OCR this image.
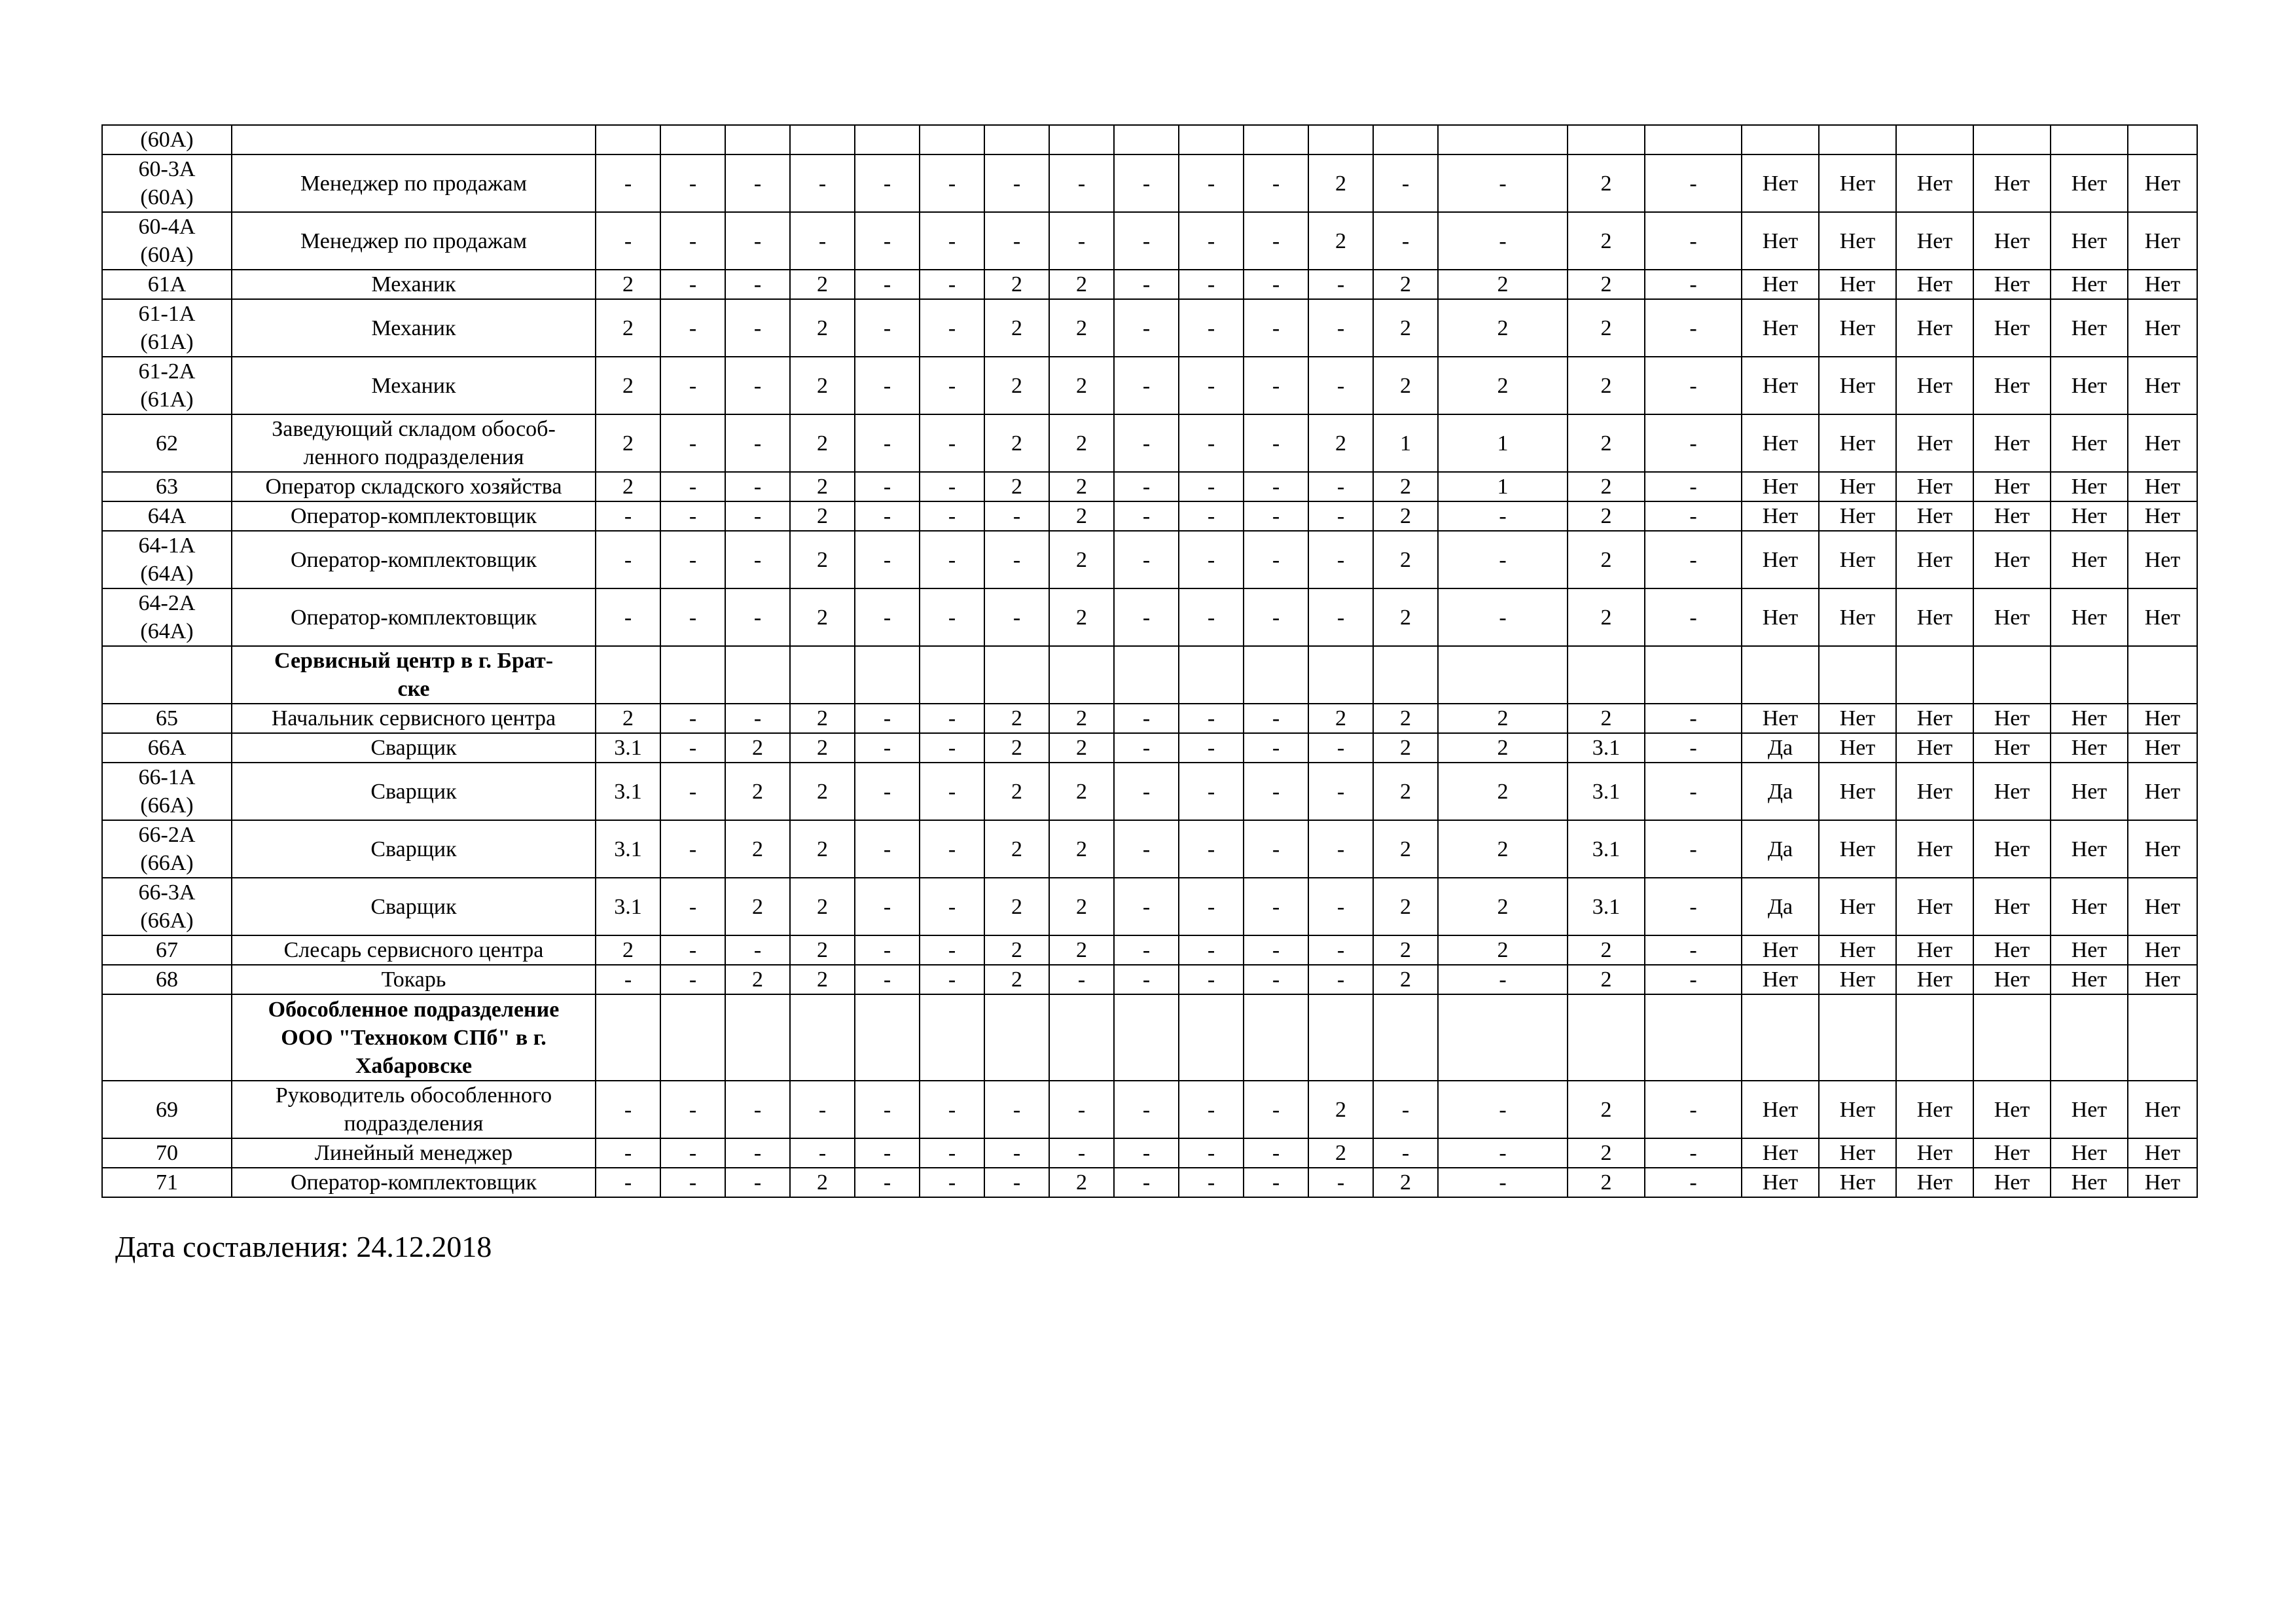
(60A)																								
60-3A
(60A)	Менеджер по продажам	-	-	-	-	-	-	-	-	-	-	-	2	-	-	2	-	Нет	Нет	Нет	Нет	Нет	Нет	
60-4A
(60A)	Менеджер по продажам	-	-	-	-	-	-	-	-	-	-	-	2	-	-	2	-	Нет	Нет	Нет	Нет	Нет	Нет	
61A	Механик	2	-	-	2	-	-	2	2	-	-	-	-	2	2	2	-	Нет	Нет	Нет	Нет	Нет	Нет	
61-1A
(61A)	Механик	2	-	-	2	-	-	2	2	-	-	-	-	2	2	2	-	Нет	Нет	Нет	Нет	Нет	Нет	
61-2A
(61A)	Механик	2	-	-	2	-	-	2	2	-	-	-	-	2	2	2	-	Нет	Нет	Нет	Нет	Нет	Нет	
62	Заведующий складом обособ-
ленного подразделения	2	-	-	2	-	-	2	2	-	-	-	2	1	1	2	-	Нет	Нет	Нет	Нет	Нет	Нет	
63	Оператор складского хозяйства	2	-	-	2	-	-	2	2	-	-	-	-	2	1	2	-	Нет	Нет	Нет	Нет	Нет	Нет	
64A	Оператор-комплектовщик	-	-	-	2	-	-	-	2	-	-	-	-	2	-	2	-	Нет	Нет	Нет	Нет	Нет	Нет	
64-1A
(64A)	Оператор-комплектовщик	-	-	-	2	-	-	-	2	-	-	-	-	2	-	2	-	Нет	Нет	Нет	Нет	Нет	Нет	
64-2A
(64A)	Оператор-комплектовщик	-	-	-	2	-	-	-	2	-	-	-	-	2	-	2	-	Нет	Нет	Нет	Нет	Нет	Нет	
	Сервисный центр в г. Брат-
ске																							
65	Начальник сервисного центра	2	-	-	2	-	-	2	2	-	-	-	2	2	2	2	-	Нет	Нет	Нет	Нет	Нет	Нет	
66A	Сварщик	3.1	-	2	2	-	-	2	2	-	-	-	-	2	2	3.1	-	Да	Нет	Нет	Нет	Нет	Нет	
66-1A
(66A)	Сварщик	3.1	-	2	2	-	-	2	2	-	-	-	-	2	2	3.1	-	Да	Нет	Нет	Нет	Нет	Нет	
66-2A
(66A)	Сварщик	3.1	-	2	2	-	-	2	2	-	-	-	-	2	2	3.1	-	Да	Нет	Нет	Нет	Нет	Нет	
66-3A
(66A)	Сварщик	3.1	-	2	2	-	-	2	2	-	-	-	-	2	2	3.1	-	Да	Нет	Нет	Нет	Нет	Нет	
67	Слесарь сервисного центра	2	-	-	2	-	-	2	2	-	-	-	-	2	2	2	-	Нет	Нет	Нет	Нет	Нет	Нет	
68	Токарь	-	-	2	2	-	-	2	-	-	-	-	-	2	-	2	-	Нет	Нет	Нет	Нет	Нет	Нет	
	Обособленное подразделение
ООО "Техноком СПб" в г.
Хабаровске																							
69	Руководитель обособленного
подразделения	-	-	-	-	-	-	-	-	-	-	-	2	-	-	2	-	Нет	Нет	Нет	Нет	Нет	Нет	
70	Линейный менеджер	-	-	-	-	-	-	-	-	-	-	-	2	-	-	2	-	Нет	Нет	Нет	Нет	Нет	Нет	
71	Оператор-комплектовщик	-	-	-	2	-	-	-	2	-	-	-	-	2	-	2	-	Нет	Нет	Нет	Нет	Нет	Нет	

Дата составления: 24.12.2018
